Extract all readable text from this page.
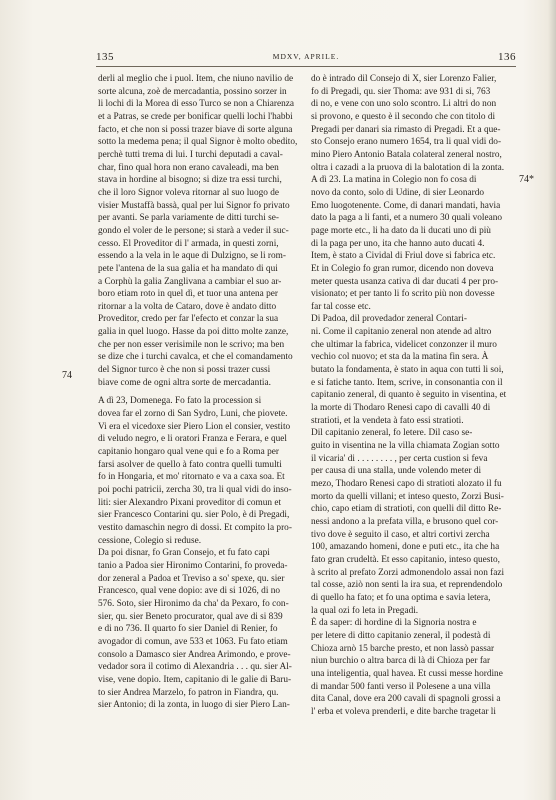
135	MDXV, APRILE.	136
74
74*
derli al meglio che i puol. Item, che niuno navilio de
sorte alcuna, zoè de mercadantia, possino sorzer in
li lochi di la Morea di esso Turco se non a Chiarenza
et a Patras, se crede per bonificar quelli lochi l'habbi
facto, et che non si possi trazer biave di sorte alguna
sotto la medema pena; il qual Signor è molto obedito,
perchè tutti trema di lui. I turchi deputadi a caval-
char, fino qual hora non erano cavaleadi, ma ben
stava in hordine al bisogno; si dize tra essi turchi,
che il loro Signor voleva ritornar al suo luogo de
visier Mustaffà bassà, qual per lui Signor fo privato
per avanti. Se parla variamente de ditti turchi se-
gondo el voler de le persone; si starà a veder il suc-
cesso. El Proveditor di l' armada, in questi zorni,
essendo a la vela in le aque di Dulzigno, se li rom-
pete l'antena de la sua galia et ha mandato di qui
a Corphù la galia Zanglivana a cambiar el suo ar-
boro etiam roto in quel dì, et tuor una antena per
ritornar a la volta de Cataro, dove è andato ditto
Proveditor, credo per far l'efecto et conzar la sua
galia in quel luogo. Hasse da poi ditto molte zanze,
che per non esser verisimile non le scrivo; ma ben
se dize che i turchi cavalca, et che el comandamento
del Signor turco è che non si possi trazer cussi
biave come de ogni altra sorte de mercadantia.

A dì 23, Domenega. Fo fato la procession si
dovea far el zorno di San Sydro, Luni, che piovete.
Vi era el vicedoxe sier Piero Lion el consier, vestito
di veludo negro, e li oratori Franza e Ferara, e quel
capitanio hongaro qual vene qui e fo a Roma per
farsi asolver de quello à fato contra quelli tumulti
fo in Hongaria, et mo' ritornato e va a caxa soa. Et
poi pochi patricii, zercha 30, tra li qual vidi do inso-
liti: sier Alexandro Pixani proveditor di comun et
sier Francesco Contarini qu. sier Polo, è di Pregadi,
vestito damaschin negro di dossi. Et compito la pro-
cessione, Colegio si reduse.
Da poi disnar, fo Gran Consejo, et fu fato capi
tanio a Padoa sier Hironimo Contarini, fo proveda-
dor zeneral a Padoa et Treviso a so' spexe, qu. sier
Francesco, qual vene dopio: ave di si 1026, di no
576. Soto, sier Hironimo da cha' da Pexaro, fo con-
sier, qu. sier Beneto procurator, qual ave di si 839
e di no 736. Il quarto fo sier Daniel di Renier, fo
avogador di comun, ave 533 et 1063. Fu fato etiam
consolo a Damasco sier Andrea Arimondo, e prove-
vedador sora il cotimo di Alexandria . . . qu. sier Al-
vise, vene dopio. Item, capitanio di le galie di Baru-
to sier Andrea Marzelo, fo patron in Fiandra, qu.
sier Antonio; di la zonta, in luogo di sier Piero Lan-
do è intrado dil Consejo di X, sier Lorenzo Falier,
fo di Pregadi, qu. sier Thoma: ave 931 di si, 763
di no, e vene con uno solo scontro. Li altri do non
si provono, e questo è il secondo che con titolo di
Pregadi per danari sia rimasto di Pregadi. Et a que-
sto Consejo erano numero 1654, tra li qual vidi do-
mino Piero Antonio Batala colateral zeneral nostro,
oltra i cazadi a la pruova di la balotation di la zonta.
A dì 23. La matina in Colegio non fo cosa di
novo da conto, solo di Udine, di sier Leonardo
Emo luogotenente. Come, di danari mandati, havia
dato la paga a li fanti, et a numero 30 quali voleano
page morte etc., li ha dato da li ducati uno di più
di la paga per uno, ita che hanno auto ducati 4.
Item, è stato a Cividal di Friul dove si fabrica etc.
Et in Colegio fo gran rumor, dicendo non doveva
meter questa usanza cativa di dar ducati 4 per pro-
visionato; et per tanto li fo scrito più non dovesse
far tal cosse etc.
Di Padoa, dil provedador zeneral Contari-
ni. Come il capitanio zeneral non atende ad altro
che ultimar la fabrica, videlicet conzonzer il muro
vechio col nuovo; et sta da la matina fin sera. À
butato la fondamenta, è stato in aqua con tutti li soi,
e si fatiche tanto. Item, scrive, in consonantia con il
capitanio zeneral, di quanto è seguito in visentina, et
la morte di Thodaro Renesi capo di cavalli 40 di
stratioti, et la vendeta à fato essi stratioti.
Dil capitanio zeneral, fo letere. Dil caso se-
guito in visentina ne la villa chiamata Zogian sotto
il vicaria' di . . . . . . . . , per certa custion si feva
per causa di una stalla, unde volendo meter di
mezo, Thodaro Renesi capo di stratioti alozato il fu
morto da quelli villani; et inteso questo, Zorzi Busi-
chio, capo etiam di stratioti, con quelli dil ditto Re-
nessi andono a la prefata villa, e brusono quel cor-
tivo dove è seguito il caso, et altri cortivi zercha
100, amazando homeni, done e puti etc., ita che ha
fato gran crudeltà. Et esso capitanio, inteso questo,
à scrito al prefato Zorzi admonendolo assai non fazi
tal cosse, aziò non senti la ira sua, et reprendendolo
di quello ha fato; et fo una optima e savia letera,
la qual ozi fo leta in Pregadi.
È da saper: di hordine di la Signoria nostra e
per letere di ditto capitanio zeneral, il podestà di
Chioza arnò 15 barche presto, et non lassò passar
niun burchio o altra barca di là di Chioza per far
una inteligentia, qual havea. Et cussi messe hordine
di mandar 500 fanti verso il Polesene a una villa
dita Canal, dove era 200 cavali di spagnoli grossi a
l' erba et voleva prenderli, e dite barche tragetar li
